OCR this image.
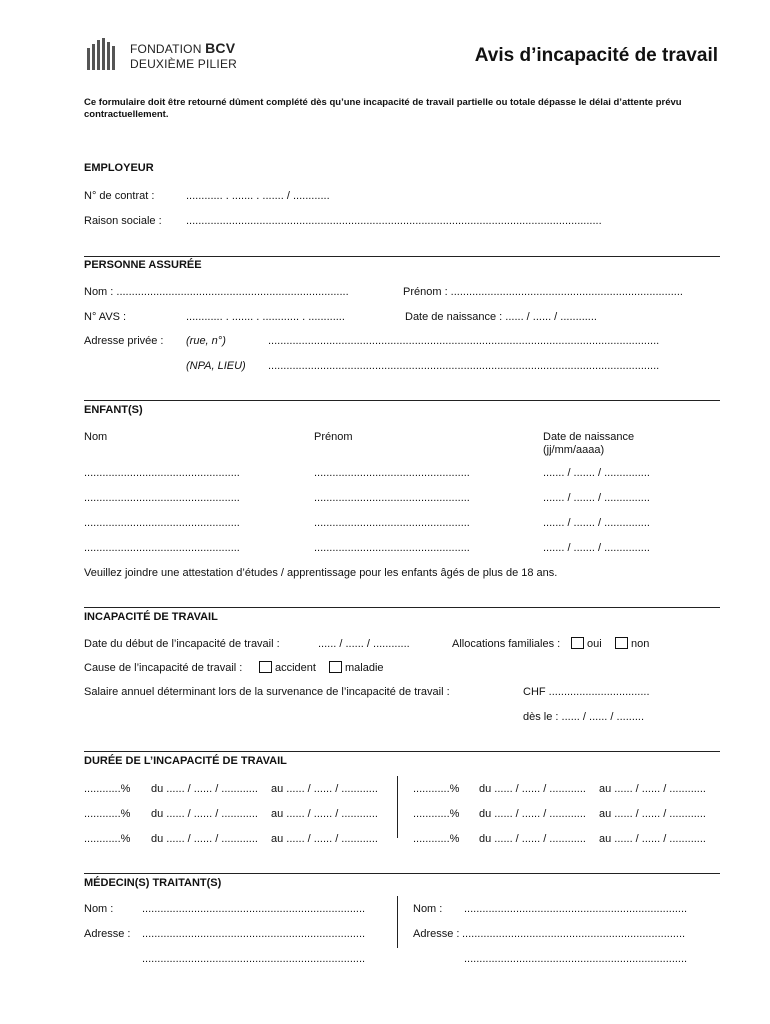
FONDATION BCV
DEUXIÈME PILIER	Avis d’incapacité de travail
Ce formulaire doit être retourné dûment complété dès qu’une incapacité de travail partielle ou totale dépasse le délai d’attente prévu contractuellement.
EMPLOYEUR
N° de contrat :	............ . ....... . ....... / ............
Raison sociale : ........................................................................................................................................
PERSONNE ASSURÉE
Nom : ............................................................................	Prénom : ............................................................................
N° AVS :	............ . ....... . ............ . ............	Date de naissance : ...... / ...... / ............
Adresse privée : (rue, n°)	................................................................................................................................
(NPA, LIEU) ................................................................................................................................
ENFANT(S)
Nom	Prénom	Date de naissance
(jj/mm/aaaa)
...................................................	...................................................	....... / ....... / ...............
...................................................	...................................................	....... / ....... / ...............
...................................................	...................................................	....... / ....... / ...............
...................................................	...................................................	....... / ....... / ...............
Veuillez joindre une attestation d’études / apprentissage pour les enfants âgés de plus de 18 ans.
INCAPACITÉ DE TRAVAIL
Date du début de l’incapacité de travail :	...... / ...... / ............	Allocations familiales :	oui	non
Cause de l’incapacité de travail :	accident	maladie
Salaire annuel déterminant lors de la survenance de l’incapacité de travail :	CHF .................................
dès le : ...... / ...... / .........
DURÉE DE L’INCAPACITÉ DE TRAVAIL
............% du ...... / ...... / ............ au ...... / ...... / ............	............% du ...... / ...... / ............ au ...... / ...... / ............
............% du ...... / ...... / ............ au ...... / ...... / ............	............% du ...... / ...... / ............ au ...... / ...... / ............
............% du ...... / ...... / ............ au ...... / ...... / ............	............% du ...... / ...... / ............ au ...... / ...... / ............
MÉDECIN(S) TRAITANT(S)
Nom :	.........................................................................	Nom : .........................................................................
Adresse : .........................................................................	Adresse : .........................................................................
.........................................................................	.........................................................................
